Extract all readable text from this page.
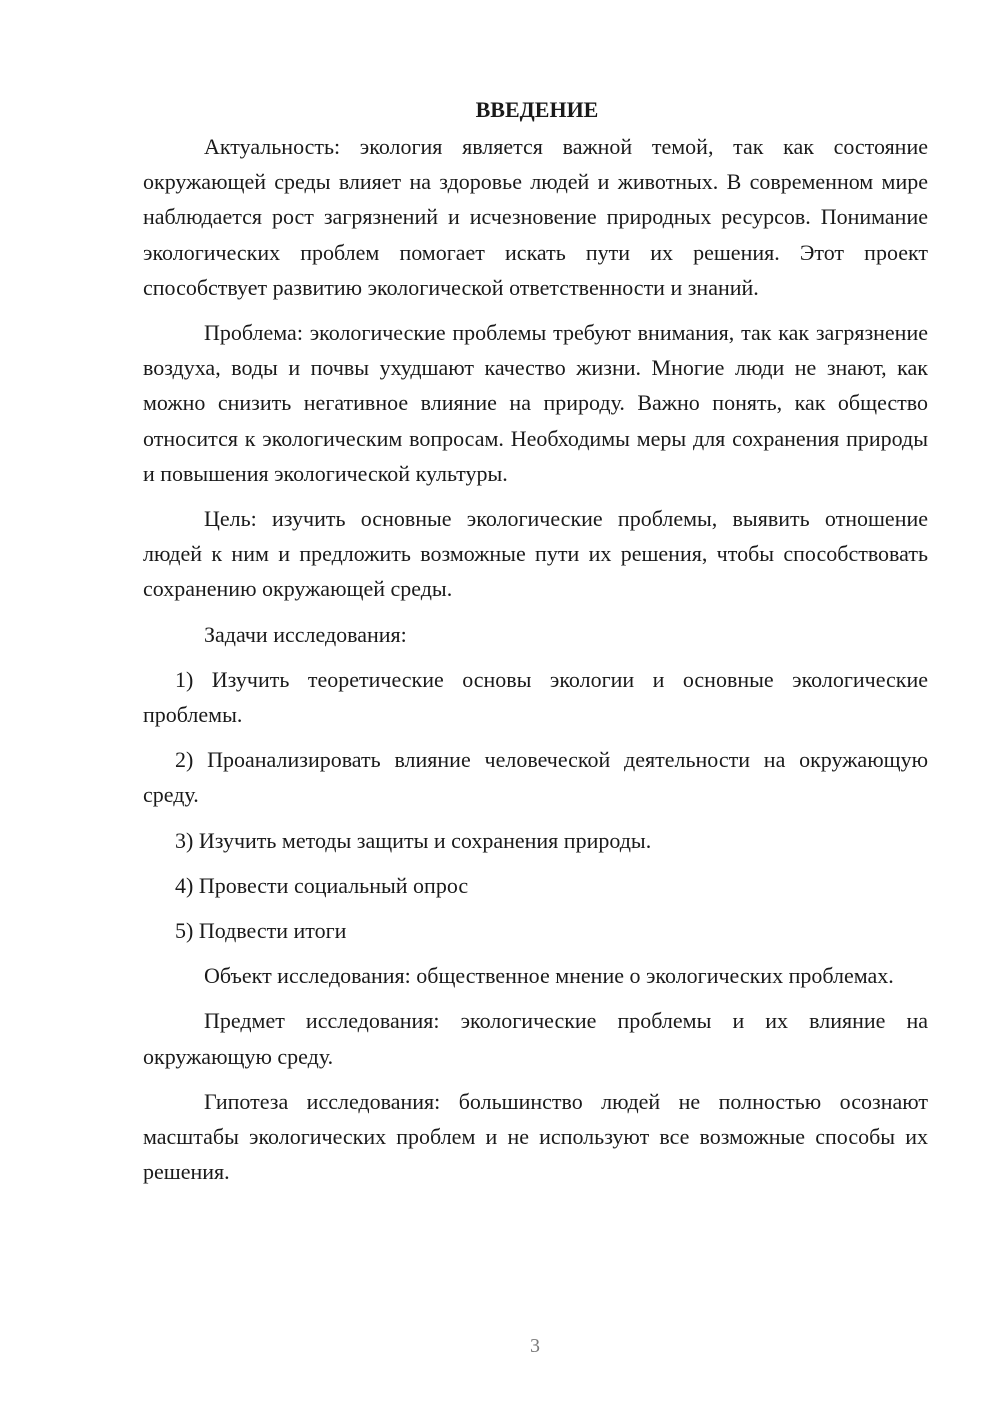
ВВЕДЕНИЕ

Актуальность: экология является важной темой, так как состояние окружающей среды влияет на здоровье людей и животных. В современном мире наблюдается рост загрязнений и исчезновение природных ресурсов. Понимание экологических проблем помогает искать пути их решения. Этот проект способствует развитию экологической ответственности и знаний.

Проблема: экологические проблемы требуют внимания, так как загрязнение воздуха, воды и почвы ухудшают качество жизни. Многие люди не знают, как можно снизить негативное влияние на природу. Важно понять, как общество относится к экологическим вопросам. Необходимы меры для сохранения природы и повышения экологической культуры.

Цель: изучить основные экологические проблемы, выявить отношение людей к ним и предложить возможные пути их решения, чтобы способствовать сохранению окружающей среды.

Задачи исследования:

1) Изучить теоретические основы экологии и основные экологические проблемы.

2) Проанализировать влияние человеческой деятельности на окружающую среду.

3) Изучить методы защиты и сохранения природы.

4) Провести социальный опрос

5) Подвести итоги

Объект исследования: общественное мнение о экологических проблемах.

Предмет исследования: экологические проблемы и их влияние на окружающую среду.

Гипотеза исследования: большинство людей не полностью осознают масштабы экологических проблем и не используют все возможные способы их решения.

3
